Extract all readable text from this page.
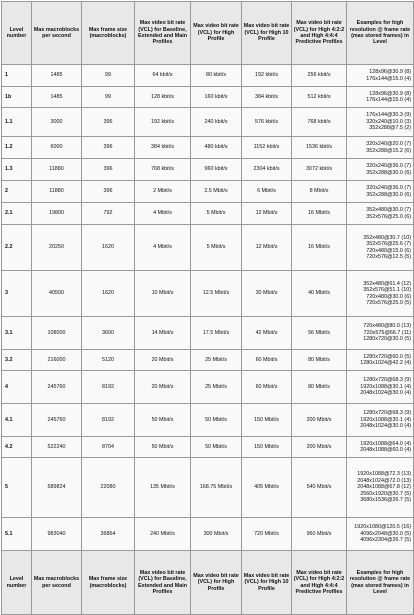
Level number	Max macroblocks per second	Max frame size (macroblocks)	Max video bit rate (VCL) for Baseline, Extended and Main Profiles	Max video bit rate (VCL) for High Profile	Max video bit rate (VCL) for High 10 Profile	Max video bit rate (VCL) for High 4:2:2 and High 4:4:4 Predictive Profiles	Examples for high resolution @ frame rate (max stored frames) in Level
1	1485	99	64 kbit/s	80 kbit/s	192 kbit/s	256 kbit/s	128x96@30.9 (8)
176x144@15.0 (4)

1b	1485	99	128 kbit/s	160 kbit/s	384 kbit/s	512 kbit/s	128x96@30.9 (8)
176x144@15.0 (4)

1.1	3000	396	192 kbit/s	240 kbit/s	576 kbit/s	768 kbit/s	176x144@30.3 (9)
320x240@10.0 (3)
352x288@7.5 (2)

1.2	6000	396	384 kbit/s	480 kbit/s	1152 kbit/s	1536 kbit/s	320x240@20.0 (7)
352x288@15.2 (6)

1.3	11880	396	768 kbit/s	960 kbit/s	2304 kbit/s	3072 kbit/s	320x240@36.0 (7)
352x288@30.0 (6)

2	11880	396	2 Mbit/s	2.5 Mbit/s	6 Mbit/s	8 Mbit/s	320x240@36.0 (7)
352x288@30.0 (6)

2.1	19800	792	4 Mbit/s	5 Mbit/s	12 Mbit/s	16 Mbit/s	352x480@30.0 (7)
352x576@25.0 (6)

2.2	20250	1620	4 Mbit/s	5 Mbit/s	12 Mbit/s	16 Mbit/s	352x480@30.7 (10)
352x576@25.6 (7)
720x480@15.0 (6)
720x576@12.5 (5)

3	40500	1620	10 Mbit/s	12.5 Mbit/s	30 Mbit/s	40 Mbit/s	352x480@61.4 (12)
352x576@51.1 (10)
720x480@30.0 (6)
720x576@25.0 (5)

3.1	108000	3600	14 Mbit/s	17.5 Mbit/s	42 Mbit/s	56 Mbit/s	720x480@80.0 (13)
720x576@66.7 (11)
1280x720@30.0 (5)

3.2	216000	5120	20 Mbit/s	25 Mbit/s	60 Mbit/s	80 Mbit/s	1280x720@60.0 (5)
1280x1024@42.2 (4)

4	245760	8192	20 Mbit/s	25 Mbit/s	60 Mbit/s	80 Mbit/s	1280x720@68.3 (9)
1920x1088@30.1 (4)
2048x1024@30.0 (4)

4.1	245760	8192	50 Mbit/s	50 Mbit/s	150 Mbit/s	200 Mbit/s	1280x720@68.3 (9)
1920x1088@30.1 (4)
2048x1024@30.0 (4)

4.2	522240	8704	50 Mbit/s	50 Mbit/s	150 Mbit/s	200 Mbit/s	1920x1088@64.0 (4)
2048x1088@60.0 (4)

5	589824	22080	135 Mbit/s	168.75 Mbit/s	405 Mbit/s	540 Mbit/s	1920x1088@72.3 (13)
2048x1024@72.0 (13)
2048x1088@67.8 (12)
2560x1920@30.7 (5)
3680x1536@26.7 (5)

5.1	983040	36864	240 Mbit/s	300 Mbit/s	720 Mbit/s	960 Mbit/s	1920x1080@120.5 (16)
4096x2048@30.0 (5)
4096x2304@26.7 (5)

Level number	Max macroblocks per second	Max frame size (macroblocks)	Max video bit rate (VCL) for Baseline, Extended and Main Profiles	Max video bit rate (VCL) for High Profile	Max video bit rate (VCL) for High 10 Profile	Max video bit rate (VCL) for High 4:2:2 and High 4:4:4 Predictive Profiles	Examples for high resolution @ frame rate (max stored frames) in Level
